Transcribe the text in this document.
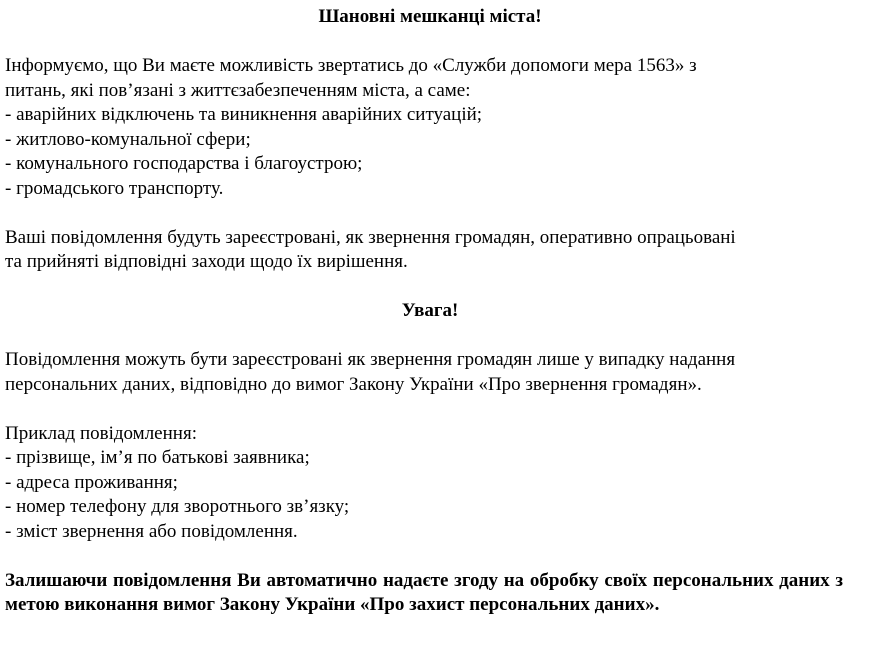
Шановні мешканці міста!

Інформуємо, що Ви маєте можливість звертатись до «Служби допомоги мера 1563» з

питань, які пов’язані з життєзабезпеченням міста, а саме:

- аварійних відключень та виникнення аварійних ситуацій;
- житлово-комунальної сфери;
- комунального господарства і благоустрою;
- громадського транспорту.

Ваші повідомлення будуть зареєстровані, як звернення громадян, оперативно опрацьовані

та прийняті відповідні заходи щодо їх вирішення.

Увага!

Повідомлення можуть бути зареєстровані як звернення громадян лише у випадку надання

персональних даних, відповідно до вимог Закону України «Про звернення громадян».

Приклад повідомлення:

- прізвище, ім’я по батькові заявника;
- адреса проживання;
- номер телефону для зворотнього зв’язку;
- зміст звернення або повідомлення.

Залишаючи повідомлення Ви автоматично надаєте згоду на обробку своїх персональних даних з метою виконання вимог Закону України «Про захист персональних даних».
